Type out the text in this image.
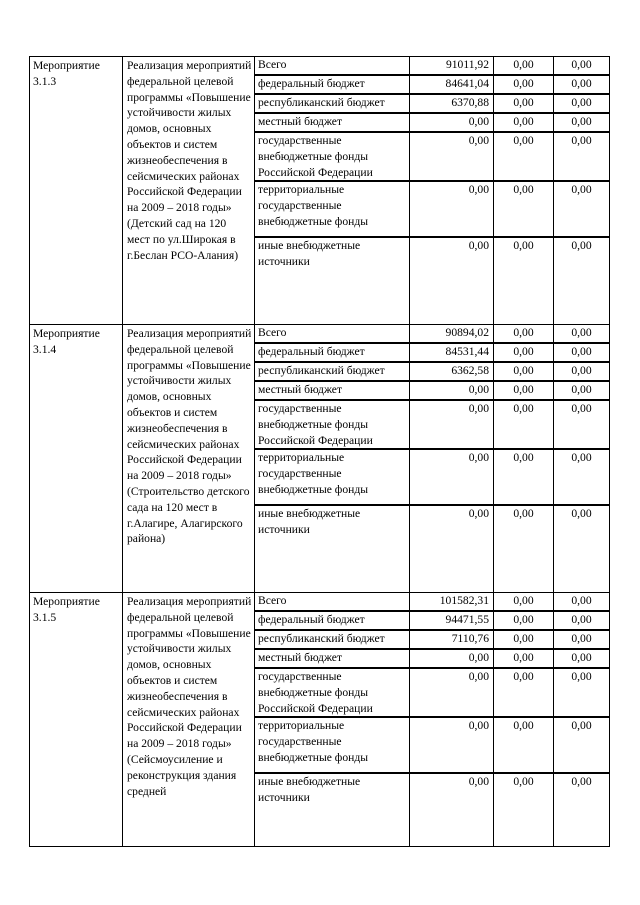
Мероприятие 3.1.3	Реализация мероприятий федеральной целевой программы «Повышение устойчивости жилых домов, основных объектов и систем жизнеобеспечения в сейсмических районах Российской Федерации на 2009 – 2018 годы» (Детский сад на 120 мест по ул.Широкая в г.Беслан РСО-Алания)	Всего	91011,92	0,00	0,00
		федеральный бюджет	84641,04	0,00	0,00
		республиканский бюджет	6370,88	0,00	0,00
		местный бюджет	0,00	0,00	0,00
		государственные внебюджетные фонды Российской Федерации	0,00	0,00	0,00
		территориальные государственные внебюджетные фонды	0,00	0,00	0,00
		иные внебюджетные источники	0,00	0,00	0,00
Мероприятие 3.1.4	Реализация мероприятий федеральной целевой программы «Повышение устойчивости жилых домов, основных объектов и систем жизнеобеспечения в сейсмических районах Российской Федерации на 2009 – 2018 годы» (Строительство детского сада на 120 мест в г.Алагире, Алагирского района)	Всего	90894,02	0,00	0,00
		федеральный бюджет	84531,44	0,00	0,00
		республиканский бюджет	6362,58	0,00	0,00
		местный бюджет	0,00	0,00	0,00
		государственные внебюджетные фонды Российской Федерации	0,00	0,00	0,00
		территориальные государственные внебюджетные фонды	0,00	0,00	0,00
		иные внебюджетные источники	0,00	0,00	0,00
Мероприятие 3.1.5	Реализация мероприятий федеральной целевой программы «Повышение устойчивости жилых домов, основных объектов и систем жизнеобеспечения в сейсмических районах Российской Федерации на 2009 – 2018 годы» (Сейсмоусиление и реконструкция здания средней	Всего	101582,31	0,00	0,00
		федеральный бюджет	94471,55	0,00	0,00
		республиканский бюджет	7110,76	0,00	0,00
		местный бюджет	0,00	0,00	0,00
		государственные внебюджетные фонды Российской Федерации	0,00	0,00	0,00
		территориальные государственные внебюджетные фонды	0,00	0,00	0,00
		иные внебюджетные источники	0,00	0,00	0,00
